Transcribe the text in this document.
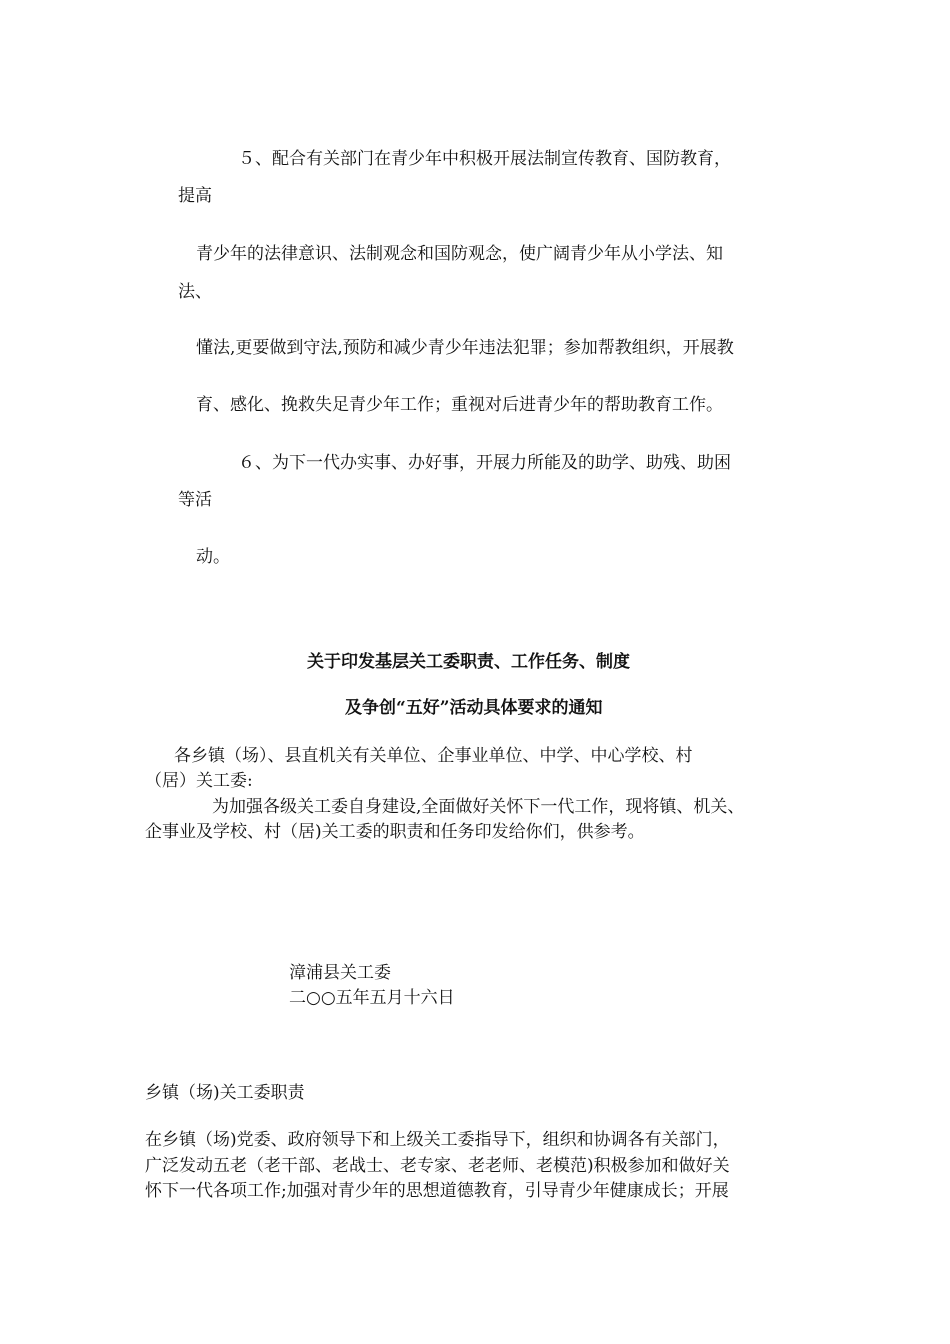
５、配合有关部门在青少年中积极开展法制宣传教育、国防教育，
提高
青少年的法律意识、法制观念和国防观念，使广阔青少年从小学法、知
法、
懂法,更要做到守法,预防和减少青少年违法犯罪；参加帮教组织，开展教
育、感化、挽救失足青少年工作；重视对后进青少年的帮助教育工作。
６、为下一代办实事、办好事，开展力所能及的助学、助残、助困
等活
动。
关于印发基层关工委职责、工作任务、制度
及争创“五好”活动具体要求的通知
各乡镇（场）、县直机关有关单位、企事业单位、中学、中心学校、村
（居）关工委:
为加强各级关工委自身建设,全面做好关怀下一代工作，现将镇、机关、
企事业及学校、村（居)关工委的职责和任务印发给你们，供参考。
漳浦县关工委
二○○五年五月十六日
乡镇（场)关工委职责
在乡镇（场)党委、政府领导下和上级关工委指导下，组织和协调各有关部门，
广泛发动五老（老干部、老战士、老专家、老老师、老模范)积极参加和做好关
怀下一代各项工作;加强对青少年的思想道德教育，引导青少年健康成长；开展
